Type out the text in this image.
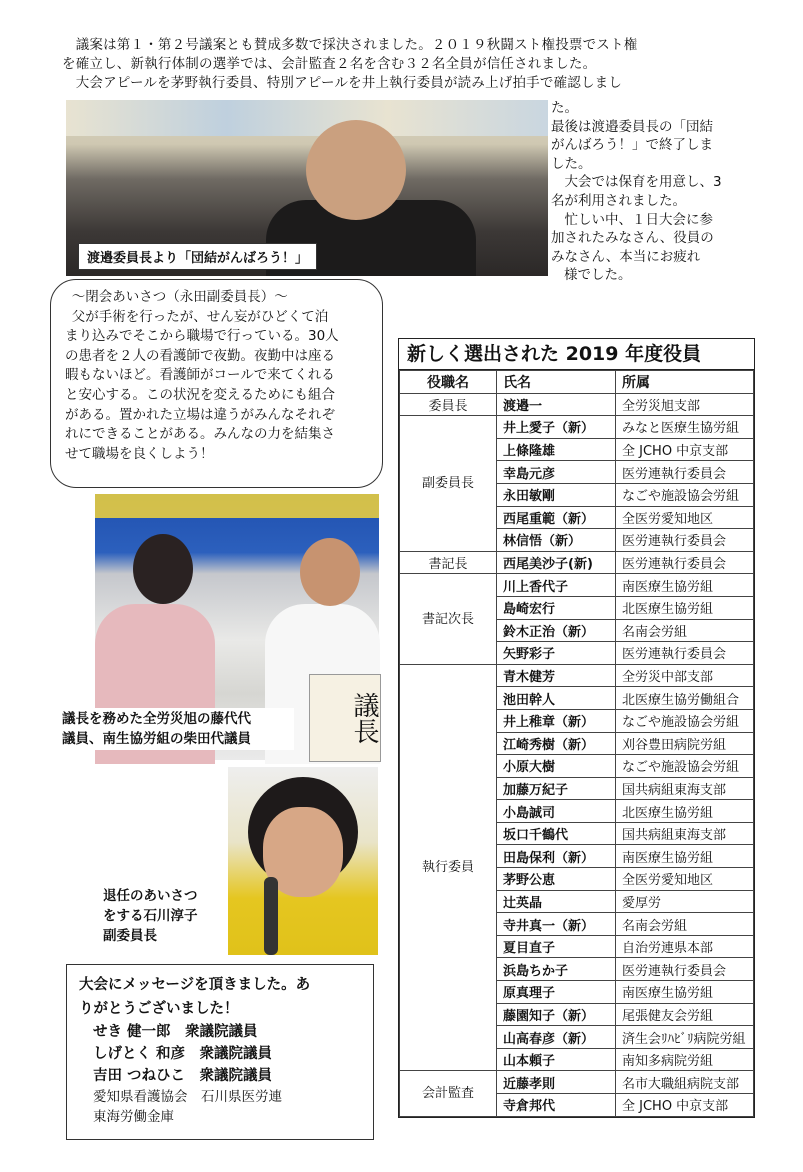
　議案は第１・第２号議案とも賛成多数で採決されました。２０１９秋闘スト権投票でスト権
を確立し、新執行体制の選挙では、会計監査２名を含む３２名全員が信任されました。
　大会アピールを茅野執行委員、特別アピールを井上執行委員が読み上げ拍手で確認しまし
渡邉委員長より「団結がんばろう！」
た。
最後は渡邉委員長の「団結
がんばろう！」で終了しま
した。
　大会では保育を用意し、3
名が利用されました。
　忙しい中、１日大会に参
加されたみなさん、役員の
みなさん、本当にお疲れ
様でした。
～閉会あいさつ（永田副委員長）～
父が手術を行ったが、せん妄がひどくて泊
まり込みでそこから職場で行っている。30人
の患者を２人の看護師で夜勤。夜勤中は座る
暇もないほど。看護師がコールで来てくれる
と安心する。この状況を変えるためにも組合
がある。置かれた立場は違うがみんなそれぞ
れにできることがある。みんなの力を結集さ
せて職場を良くしよう！
議長
議長を務めた全労災旭の藤代代
議員、南生協労組の柴田代議員
退任のあいさつ
をする石川淳子
副委員長
大会にメッセージを頂きました。あ
りがとうございました！
せき 健一郎　衆議院議員
しげとく 和彦　衆議院議員
吉田 つねひこ　衆議院議員
愛知県看護協会　石川県医労連
東海労働金庫
新しく選出された 2019 年度役員
役職名	氏名	所属
委員長	渡邉一	全労災旭支部
副委員長	井上愛子（新）	みなと医療生協労組
	上條隆雄	全 JCHO 中京支部
	幸島元彦	医労連執行委員会
	永田敏剛	なごや施設協会労組
	西尾重範（新）	全医労愛知地区
	林信悟（新）	医労連執行委員会
書記長	西尾美沙子(新)	医労連執行委員会
書記次長	川上香代子	南医療生協労組
	島崎宏行	北医療生協労組
	鈴木正治（新）	名南会労組
	矢野彩子	医労連執行委員会
執行委員	青木健芳	全労災中部支部
	池田幹人	北医療生協労働組合
	井上稚章（新）	なごや施設協会労組
	江崎秀樹（新）	刈谷豊田病院労組
	小原大樹	なごや施設協会労組
	加藤万紀子	国共病組東海支部
	小島誠司	北医療生協労組
	坂口千鶴代	国共病組東海支部
	田島保利（新）	南医療生協労組
	茅野公恵	全医労愛知地区
	辻英晶	愛厚労
	寺井真一（新）	名南会労組
	夏目直子	自治労連県本部
	浜島ちか子	医労連執行委員会
	原真理子	南医療生協労組
	藤園知子（新）	尾張健友会労組
	山高春彦（新）	済生会ﾘﾊﾋﾞﾘ病院労組
	山本頼子	南知多病院労組
会計監査	近藤孝則	名市大職組病院支部
	寺倉邦代	全 JCHO 中京支部
